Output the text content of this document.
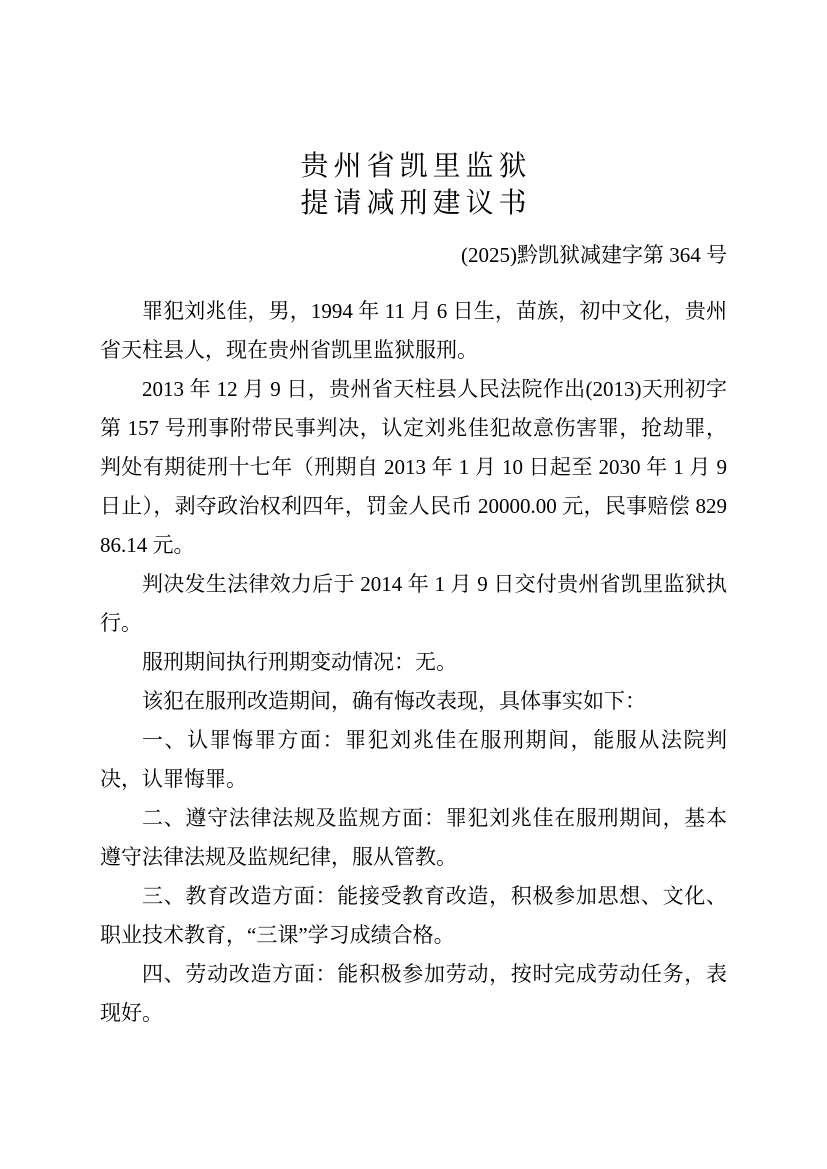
贵州省凯里监狱
提请减刑建议书
(2025)黔凯狱减建字第 364 号

罪犯刘兆佳，男，1994 年 11 月 6 日生，苗族，初中文化，贵州省天柱县人，现在贵州省凯里监狱服刑。

2013 年 12 月 9 日，贵州省天柱县人民法院作出(2013)天刑初字第 157 号刑事附带民事判决，认定刘兆佳犯故意伤害罪，抢劫罪，判处有期徒刑十七年（刑期自 2013 年 1 月 10 日起至 2030 年 1 月 9 日止），剥夺政治权利四年，罚金人民币 20000.00 元，民事赔偿 82986.14 元。

判决发生法律效力后于 2014 年 1 月 9 日交付贵州省凯里监狱执行。

服刑期间执行刑期变动情况：无。

该犯在服刑改造期间，确有悔改表现，具体事实如下：

一、认罪悔罪方面：罪犯刘兆佳在服刑期间，能服从法院判决，认罪悔罪。

二、遵守法律法规及监规方面：罪犯刘兆佳在服刑期间，基本遵守法律法规及监规纪律，服从管教。

三、教育改造方面：能接受教育改造，积极参加思想、文化、职业技术教育，“三课”学习成绩合格。

四、劳动改造方面：能积极参加劳动，按时完成劳动任务，表现好。
